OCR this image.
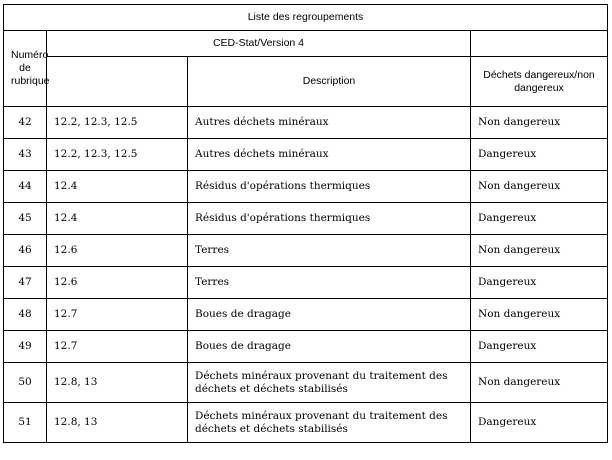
Liste des regroupements			
Numéro de rubrique	CED-Stat/Version 4		
		Description	Déchets dangereux/non dangereux
42	12.2, 12.3, 12.5	Autres déchets minéraux	Non dangereux
43	12.2, 12.3, 12.5	Autres déchets minéraux	Dangereux
44	12.4	Résidus d'opérations thermiques	Non dangereux
45	12.4	Résidus d'opérations thermiques	Dangereux
46	12.6	Terres	Non dangereux
47	12.6	Terres	Dangereux
48	12.7	Boues de dragage	Non dangereux
49	12.7	Boues de dragage	Dangereux
50	12.8, 13	Déchets minéraux provenant du traitement des déchets et déchets stabilisés	Non dangereux
51	12.8, 13	Déchets minéraux provenant du traitement des déchets et déchets stabilisés	Dangereux
